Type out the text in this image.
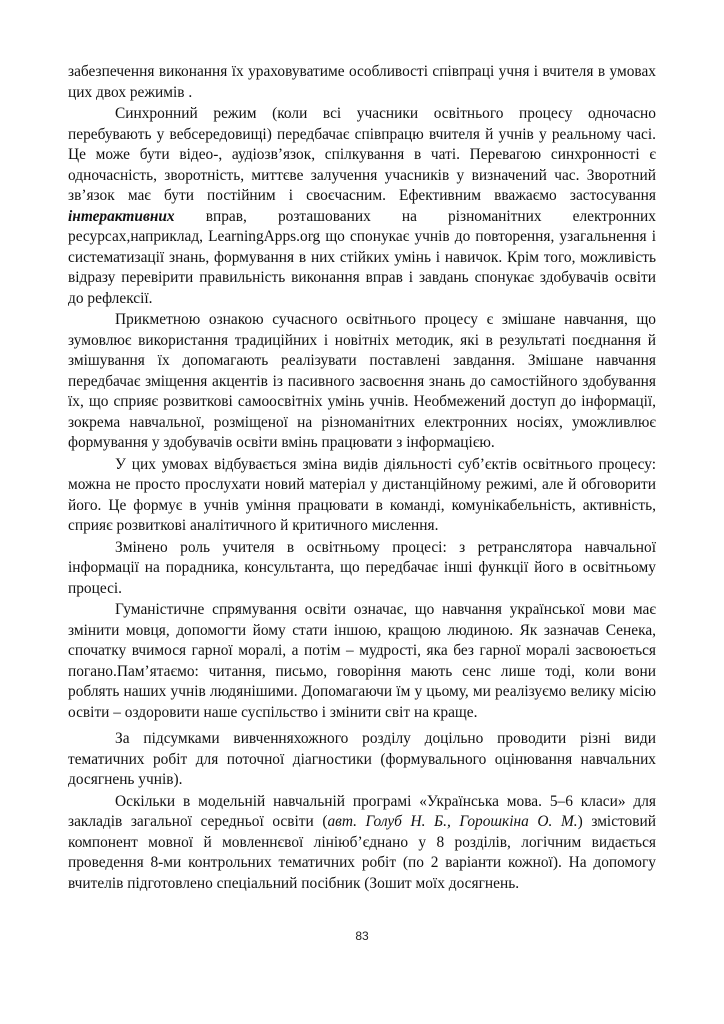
забезпечення виконання їх ураховуватиме особливості співпраці учня і вчителя в умовах цих двох режимів .

Синхронний режим (коли всі учасники освітнього процесу одночасно перебувають у вебсередовищі) передбачає співпрацю вчителя й учнів у реальному часі. Це може бути відео-, аудіозв’язок, спілкування в чаті. Перевагою синхронності є одночасність, зворотність, миттєве залучення учасників у визначений час. Зворотний зв’язок має бути постійним і своєчасним. Ефективним вважаємо застосування інтерактивних вправ, розташованих на різноманітних електронних ресурсах,наприклад, LearningApps.org що спонукає учнів до повторення, узагальнення і систематизації знань, формування в них стійких умінь і навичок. Крім того, можливість відразу перевірити правильність виконання вправ і завдань спонукає здобувачів освіти до рефлексії.

Прикметною ознакою сучасного освітнього процесу є змішане навчання, що зумовлює використання традиційних і новітніх методик, які в результаті поєднання й змішування їх допомагають реалізувати поставлені завдання. Змішане навчання передбачає зміщення акцентів із пасивного засвоєння знань до самостійного здобування їх, що сприяє розвиткові самоосвітніх умінь учнів. Необмежений доступ до інформації, зокрема навчальної, розміщеної на різноманітних електронних носіях, уможливлює формування у здобувачів освіти вмінь працювати з інформацією.

У цих умовах відбувається зміна видів діяльності суб’єктів освітнього процесу: можна не просто прослухати новий матеріал у дистанційному режимі, але й обговорити його. Це формує в учнів уміння працювати в команді, комунікабельність, активність, сприяє розвиткові аналітичного й критичного мислення.

Змінено роль учителя в освітньому процесі: з ретранслятора навчальної інформації на порадника, консультанта, що передбачає інші функції його в освітньому процесі.

Гуманістичне спрямування освіти означає, що навчання української мови має змінити мовця, допомогти йому стати іншою, кращою людиною. Як зазначав Сенека, спочатку вчимося гарної моралі, а потім – мудрості, яка без гарної моралі засвоюється погано.Пам’ятаємо: читання, письмо, говоріння мають сенс лише тоді, коли вони роблять наших учнів людянішими. Допомагаючи їм у цьому, ми реалізуємо велику місію освіти – оздоровити наше суспільство і змінити світ на краще.

За підсумками вивченняхожного розділу доцільно проводити різні види тематичних робіт для поточної діагностики (формувального оцінювання навчальних досягнень учнів).

Оскільки в модельній навчальній програмі «Українська мова. 5–6 класи» для закладів загальної середньої освіти (авт. Голуб Н. Б., Горошкіна О. М.) змістовий компонент мовної й мовленнєвої лініюб’єднано у 8 розділів, логічним видається проведення 8-ми контрольних тематичних робіт (по 2 варіанти кожної). На допомогу вчителів підготовлено спеціальний посібник (Зошит моїх досягнень.

83
